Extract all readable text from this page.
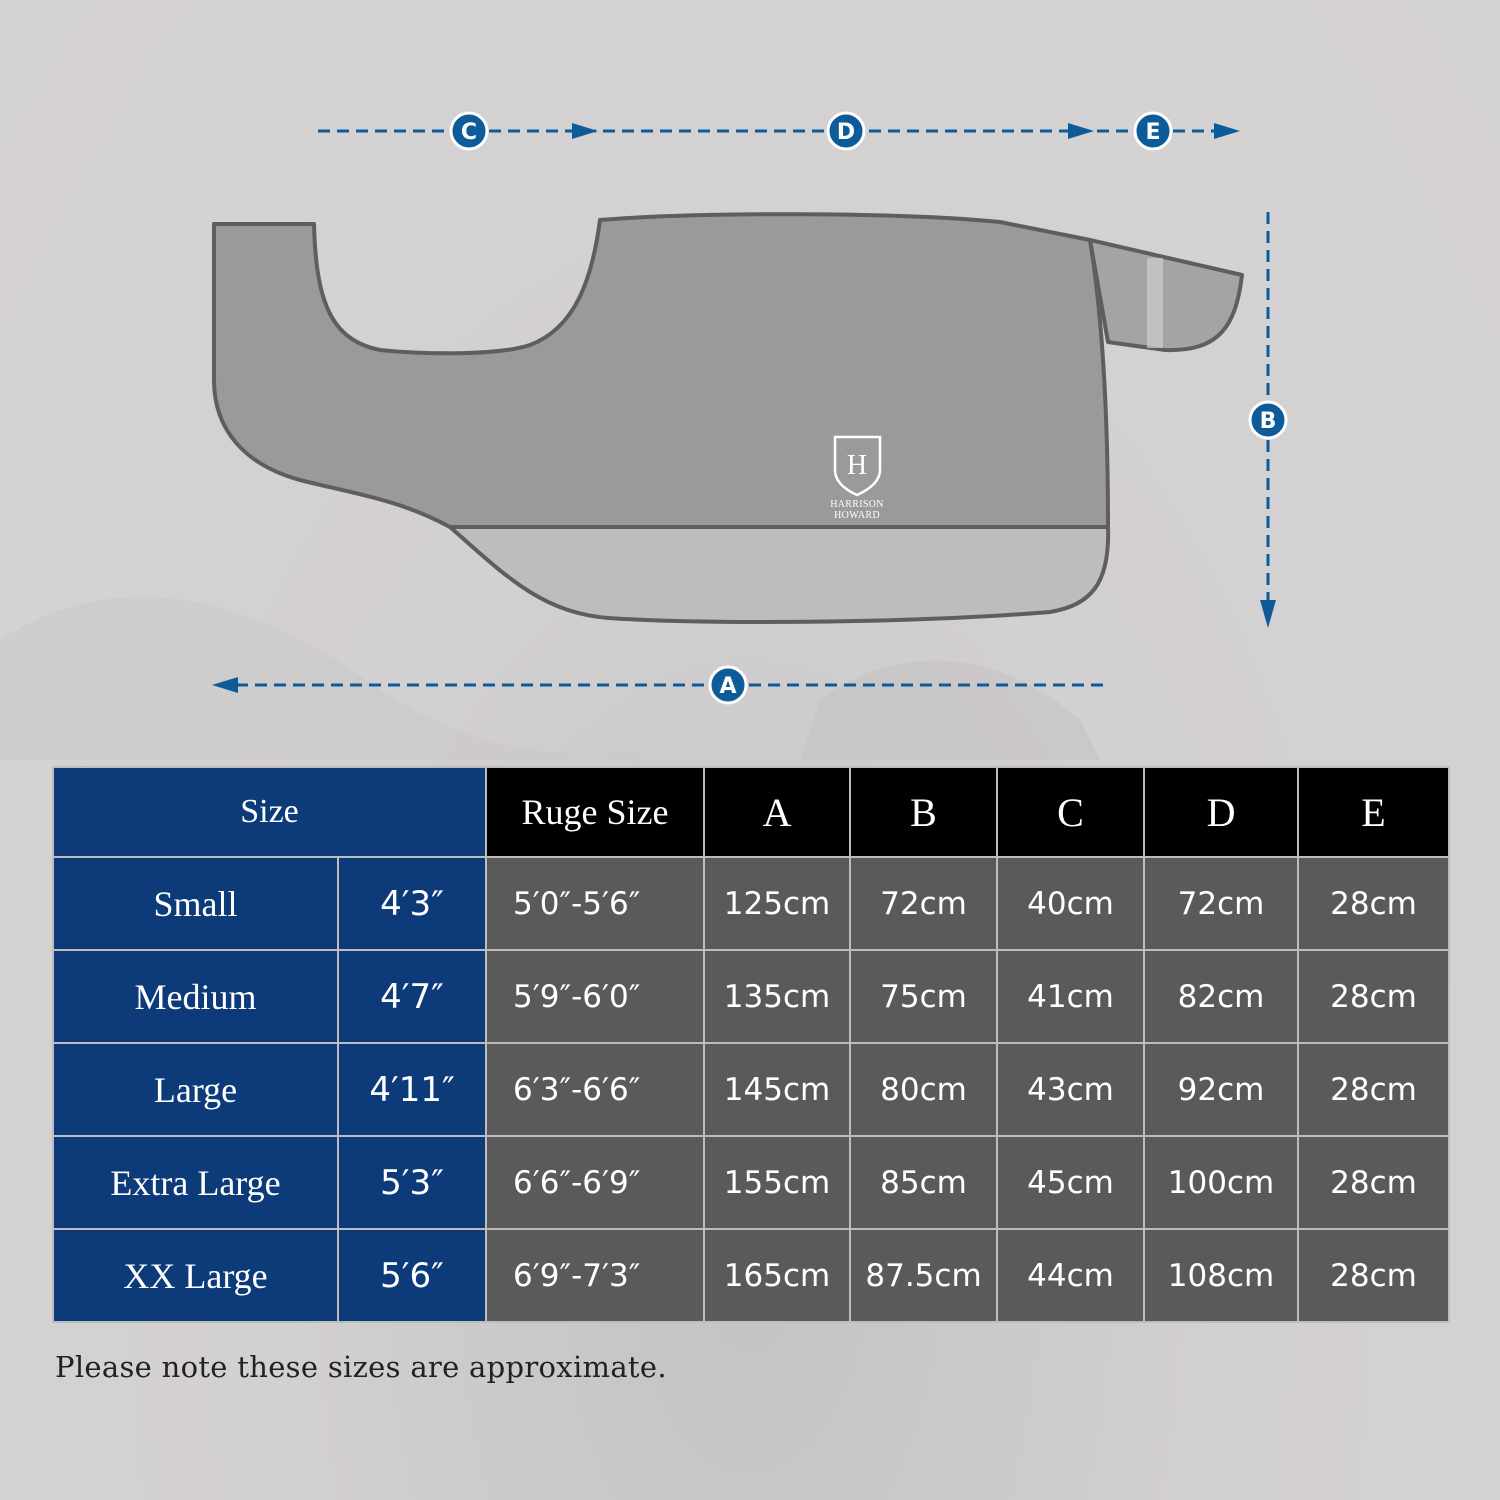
H
HARRISON
HOWARD
C	D	E
B
A
Size		Ruge Size	A	B	C	D	E
Small	4′3″	5′0″-5′6″	125cm	72cm	40cm	72cm	28cm
Medium	4′7″	5′9″-6′0″	135cm	75cm	41cm	82cm	28cm
Large	4′11″	6′3″-6′6″	145cm	80cm	43cm	92cm	28cm
Extra Large	5′3″	6′6″-6′9″	155cm	85cm	45cm	100cm	28cm
XX Large	5′6″	6′9″-7′3″	165cm	87.5cm	44cm	108cm	28cm
Please note these sizes are approximate.
